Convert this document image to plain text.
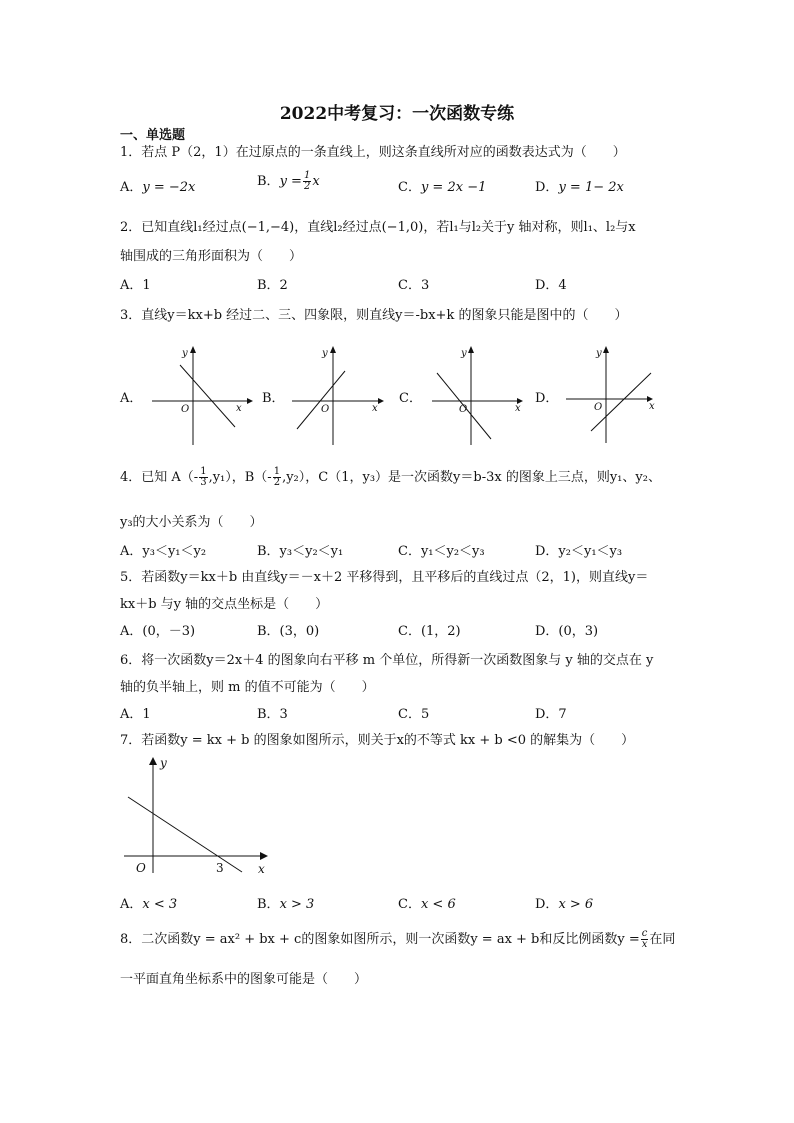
2022中考复习：一次函数专练
一、单选题
1．若点 P（2，1）在过原点的一条直线上，则这条直线所对应的函数表达式为（　　）
A．y = −2x	B．$y = \frac{1}{2}$ x	C．y = 2x −1	D．y = 1− 2x
2．已知直线l₁经过点(−1,−4)，直线l₂经过点(−1,0)，若l₁与l₂关于y 轴对称，则l₁、l₂与x
轴围成的三角形面积为（　　）
A．1	B．2	C．3	D．4
3．直线y＝kx+b 经过二、三、四象限，则直线y＝-bx+k 的图象只能是图中的（　　）
A．
y
x
O
B．
y
x
O
C．
y
x
O
D．
y
x
O
4．已知 $A(- \frac{1}{3} ,y_1)$，$B(- \frac{1}{2} ,y_2)$，C（1，y₃）是一次函数y＝b-3x 的图象上三点，则y₁、y₂、
y₃的大小关系为（　　）
A．y₃＜y₁＜y₂	B．y₃＜y₂＜y₁	C．y₁＜y₂＜y₃	D．y₂＜y₁＜y₃
5．若函数y＝kx＋b 由直线y＝－x＋2 平移得到，且平移后的直线过点（2，1)，则直线y＝
kx＋b 与y 轴的交点坐标是（　　）
A．(0，－3)	B．(3，0)	C．(1，2)	D．(0，3)
6．将一次函数y＝2x＋4 的图象向右平移 m 个单位，所得新一次函数图象与 y 轴的交点在 y
轴的负半轴上，则 m 的值不可能为（　　）
A．1	B．3	C．5	D．7
7．若函数y = kx + b 的图象如图所示，则关于x的不等式 kx + b <0 的解集为（　　）
y
x
O	3
A．x < 3	B．x > 3	C．x < 6	D．x > 6
8．二次函数y = ax² + bx + c的图象如图所示，则一次函数y = ax + b和反比例函数$y = \frac{c}{x}$ 在同
一平面直角坐标系中的图象可能是（　　）
